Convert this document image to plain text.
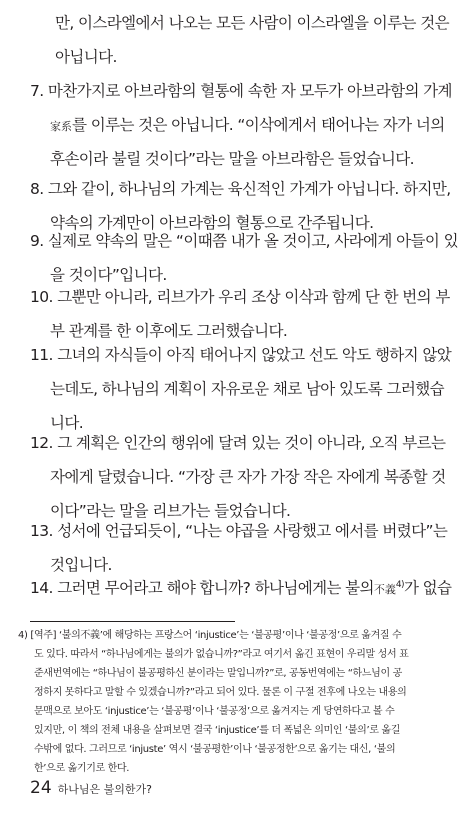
만, 이스라엘에서 나오는 모든 사람이 이스라엘을 이루는 것은
아닙니다.
7. 마찬가지로 아브라함의 혈통에 속한 자 모두가 아브라함의 가계
家系를 이루는 것은 아닙니다. “이삭에게서 태어나는 자가 너의
후손이라 불릴 것이다”라는 말을 아브라함은 들었습니다.
8. 그와 같이, 하나님의 가계는 육신적인 가계가 아닙니다. 하지만,
약속의 가계만이 아브라함의 혈통으로 간주됩니다.
9. 실제로 약속의 말은 “이때쯤 내가 올 것이고, 사라에게 아들이 있
을 것이다”입니다.
10. 그뿐만 아니라, 리브가가 우리 조상 이삭과 함께 단 한 번의 부
부 관계를 한 이후에도 그러했습니다.
11. 그녀의 자식들이 아직 태어나지 않았고 선도 악도 행하지 않았
는데도, 하나님의 계획이 자유로운 채로 남아 있도록 그러했습
니다.
12. 그 계획은 인간의 행위에 달려 있는 것이 아니라, 오직 부르는
자에게 달렸습니다. “가장 큰 자가 가장 작은 자에게 복종할 것
이다”라는 말을 리브가는 들었습니다.
13. 성서에 언급되듯이, “나는 야곱을 사랑했고 에서를 버렸다”는
것입니다.
14. 그러면 무어라고 해야 합니까? 하나님에게는 불의不義$^{4)}$가 없습
4) [역주] ‘불의不義’에 해당하는 프랑스어 ‘injustice’는 ‘불공평’이나 ‘불공정’으로 옮겨질 수
도 있다. 따라서 “하나님에게는 불의가 없습니까?”라고 여기서 옮긴 표현이 우리말 성서 표
준새번역에는 “하나님이 불공평하신 분이라는 말입니까?”로, 공동번역에는 “하느님이 공
정하지 못하다고 말할 수 있겠습니까?”라고 되어 있다. 물론 이 구절 전후에 나오는 내용의
문맥으로 보아도 ‘injustice’는 ‘불공평’이나 ‘불공정’으로 옮겨지는 게 당연하다고 볼 수
있지만, 이 책의 전체 내용을 살펴보면 결국 ‘injustice’를 더 폭넓은 의미인 ‘불의’로 옮길
수밖에 없다. 그러므로 ‘injuste’ 역시 ‘불공평한’이나 ‘불공정한’으로 옮기는 대신, ‘불의
한’으로 옮기기로 한다.
24 하나님은 불의한가?
